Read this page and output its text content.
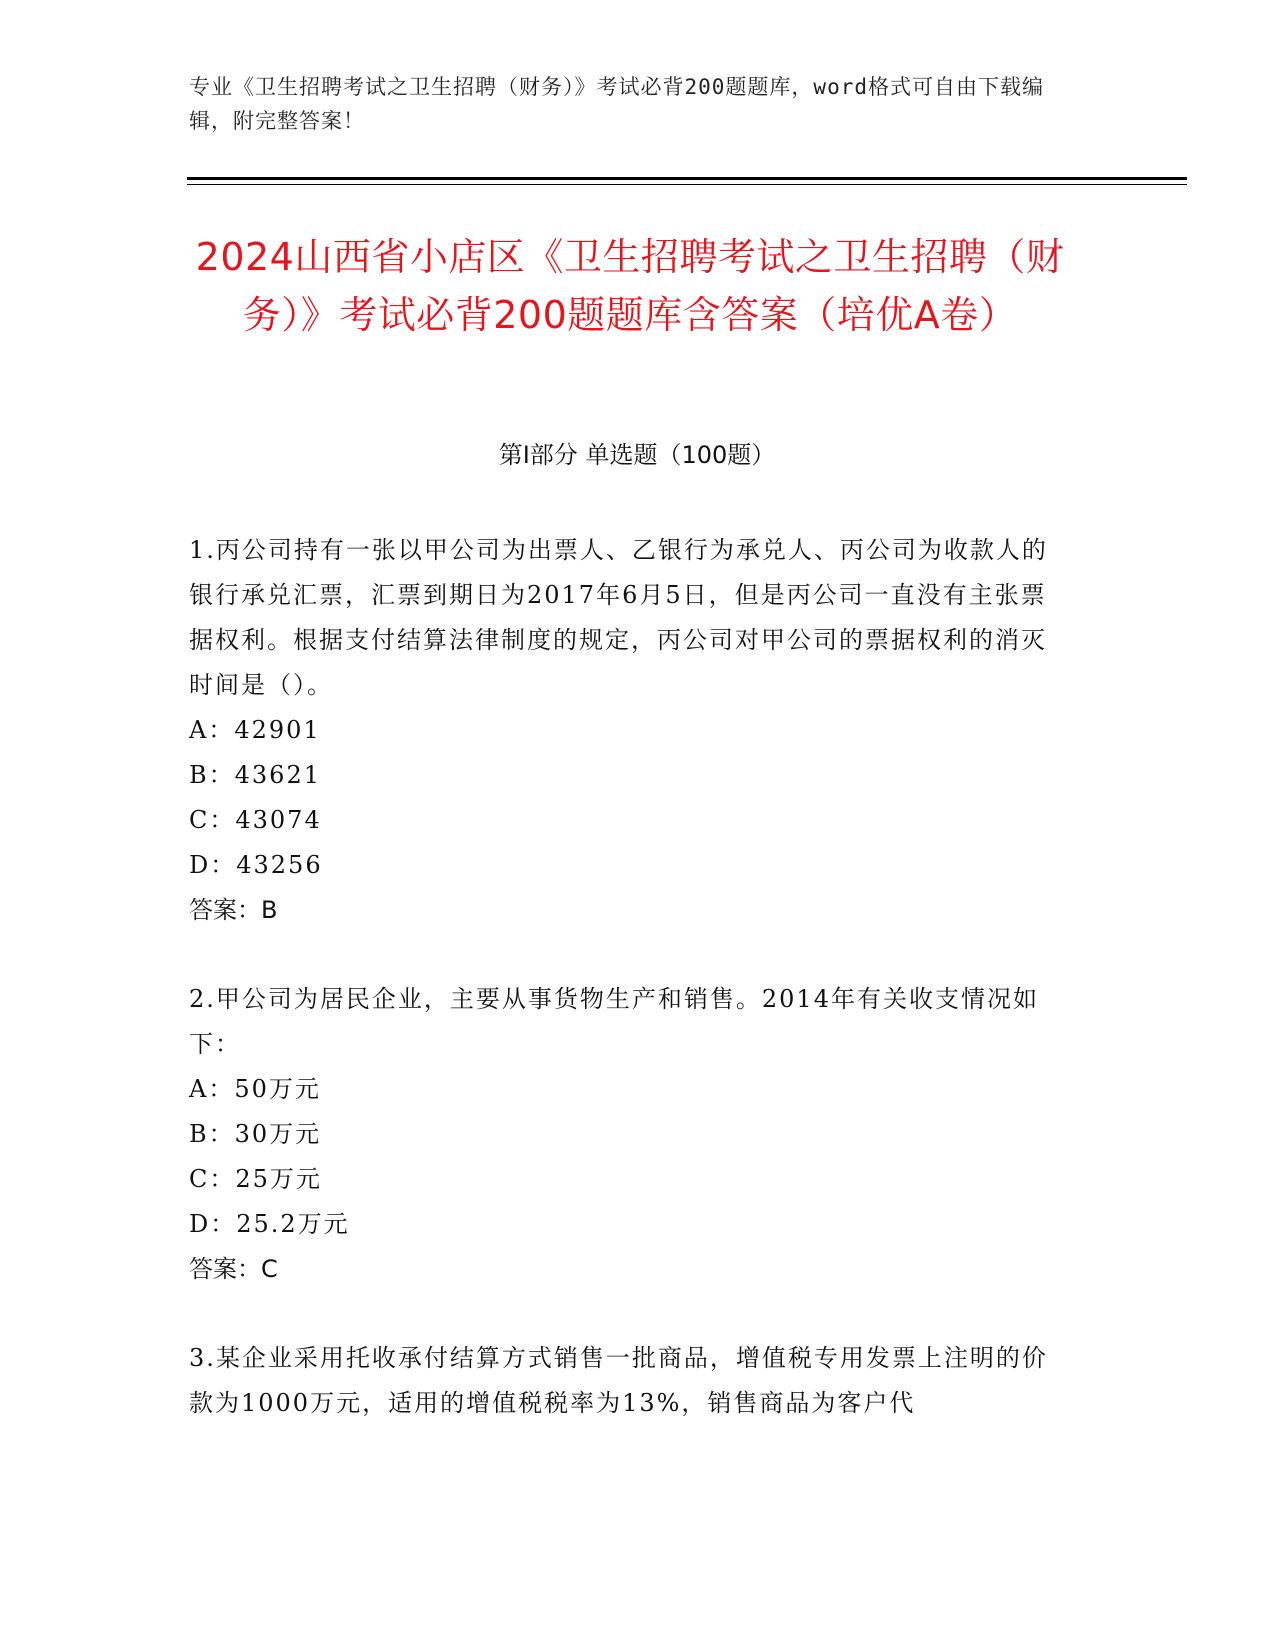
专业《卫生招聘考试之卫生招聘（财务）》考试必背200题题库，word格式可自由下载编辑，附完整答案！
2024山西省小店区《卫生招聘考试之卫生招聘（财务）》考试必背200题题库含答案（培优A卷）
第Ⅰ部分 单选题（100题）

1.丙公司持有一张以甲公司为出票人、乙银行为承兑人、丙公司为收款人的银行承兑汇票，汇票到期日为2017年6月5日，但是丙公司一直没有主张票据权利。根据支付结算法律制度的规定，丙公司对甲公司的票据权利的消灭时间是（）。

A：42901

B：43621

C：43074

D：43256

答案：B

2.甲公司为居民企业，主要从事货物生产和销售。2014年有关收支情况如下：

A：50万元

B：30万元

C：25万元

D：25.2万元

答案：C

3.某企业采用托收承付结算方式销售一批商品，增值税专用发票上注明的价款为1000万元，适用的增值税税率为13%，销售商品为客户代
